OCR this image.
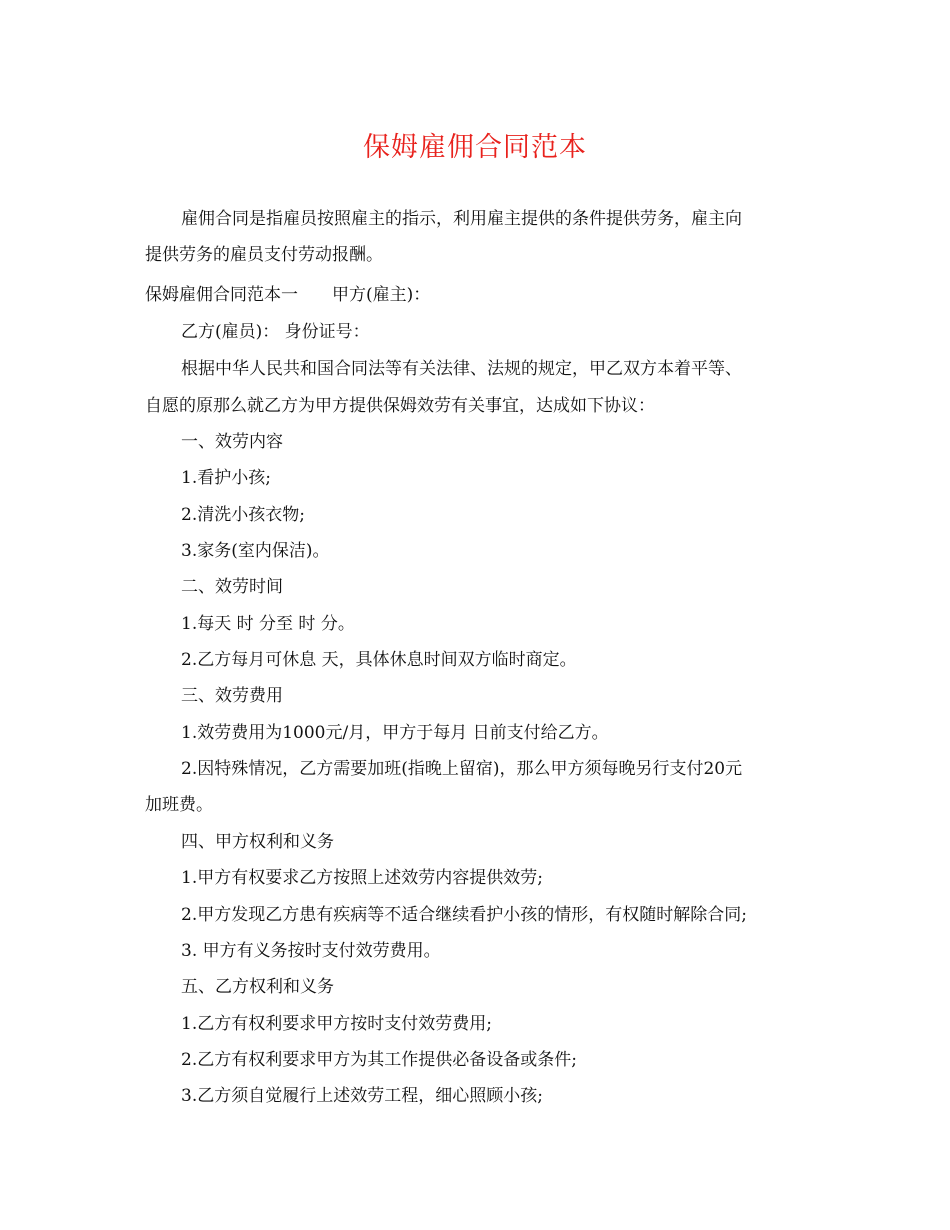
保姆雇佣合同范本
雇佣合同是指雇员按照雇主的指示，利用雇主提供的条件提供劳务，雇主向
提供劳务的雇员支付劳动报酬。
保姆雇佣合同范本一 甲方(雇主)：
乙方(雇员)： 身份证号：
根据中华人民共和国合同法等有关法律、法规的规定，甲乙双方本着平等、
自愿的原那么就乙方为甲方提供保姆效劳有关事宜，达成如下协议：
一、效劳内容
1.看护小孩;
2.清洗小孩衣物;
3.家务(室内保洁)。
二、效劳时间
1.每天 时 分至 时 分。
2.乙方每月可休息 天，具体休息时间双方临时商定。
三、效劳费用
1.效劳费用为1000元/月，甲方于每月 日前支付给乙方。
2.因特殊情况，乙方需要加班(指晚上留宿)，那么甲方须每晚另行支付20元
加班费。
四、甲方权利和义务
1.甲方有权要求乙方按照上述效劳内容提供效劳;
2.甲方发现乙方患有疾病等不适合继续看护小孩的情形，有权随时解除合同;
3. 甲方有义务按时支付效劳费用。
五、乙方权利和义务
1.乙方有权利要求甲方按时支付效劳费用;
2.乙方有权利要求甲方为其工作提供必备设备或条件;
3.乙方须自觉履行上述效劳工程，细心照顾小孩;
